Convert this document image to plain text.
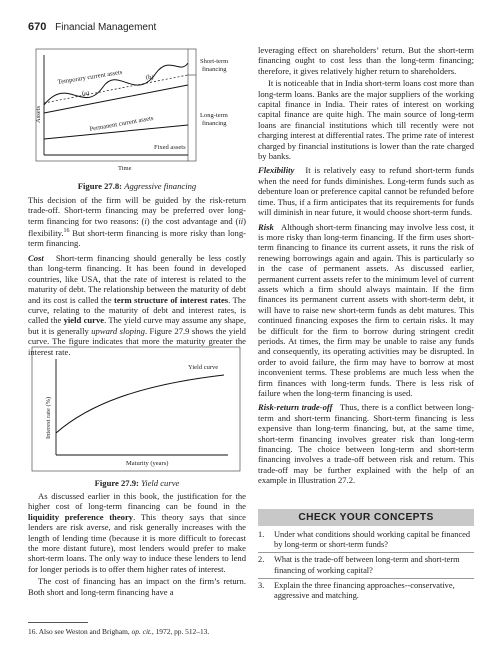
670 Financial Management
Temporary current assets
(a)
(b)
Assets
Permanent current assets
Fixed assets
Time
Short-term
financing
Long-term
financing
Figure 27.8: Aggressive financing

This decision of the firm will be guided by the risk-return trade-off. Short-term financing may be preferred over long-term financing for two reasons: (i) the cost advantage and (ii) flexibility.$^{16}$ But short-term financing is more risky than long-term financing.

Cost Short-term financing should generally be less costly than long-term financing. It has been found in developed countries, like USA, that the rate of interest is related to the maturity of debt. The relationship between the maturity of debt and its cost is called the term structure of interest rates. The curve, relating to the maturity of debt and interest rates, is called the yield curve. The yield curve may assume any shape, but it is generally upward sloping. Figure 27.9 shows the yield curve. The figure indicates that more the maturity greater the interest rate.

Yield curve
Interest rate (%)
Maturity (years)
Figure 27.9: Yield curve

As discussed earlier in this book, the justification for the higher cost of long-term financing can be found in the liquidity preference theory. This theory says that since lenders are risk averse, and risk generally increases with the length of lending time (because it is more difficult to forecast the more distant future), most lenders would prefer to make short-term loans. The only way to induce these lenders to lend for longer periods is to offer them higher rates of interest.

The cost of financing has an impact on the firm’s return. Both short and long-term financing have a

leveraging effect on shareholders’ return. But the short-term financing ought to cost less than the long-term financing; therefore, it gives relatively higher return to shareholders.

It is noticeable that in India short-term loans cost more than long-term loans. Banks are the major suppliers of the working capital finance in India. Their rates of interest on working capital finance are quite high. The main source of long-term loans are financial institutions which till recently were not charging interest at differential rates. The prime rate of interest charged by financial institutions is lower than the rate charged by banks.

Flexibility It is relatively easy to refund short-term funds when the need for funds diminishes. Long-term funds such as debenture loan or preference capital cannot be refunded before time. Thus, if a firm anticipates that its requirements for funds will diminish in near future, it would choose short-term funds.

Risk Although short-term financing may involve less cost, it is more risky than long-term financing. If the firm uses short-term financing to finance its current assets, it runs the risk of renewing borrowings again and again. This is particularly so in the case of permanent assets. As discussed earlier, permanent current assets refer to the minimum level of current assets which a firm should always maintain. If the firm finances its permanent current assets with short-term debt, it will have to raise new short-term funds as debt matures. This continued financing exposes the firm to certain risks. It may be difficult for the firm to borrow during stringent credit periods. At times, the firm may be unable to raise any funds and consequently, its operating activities may be disrupted. In order to avoid failure, the firm may have to borrow at most inconvenient terms. These problems are much less when the firm finances with long-term funds. There is less risk of failure when the long-term financing is used.

Risk-return trade-off Thus, there is a conflict between long-term and short-term financing. Short-term financing is less expensive than long-term financing, but, at the same time, short-term financing involves greater risk than long-term financing. The choice between long-term and short-term financing involves a trade-off between risk and return. This trade-off may be further explained with the help of an example in Illustration 27.2.

CHECK YOUR CONCEPTS
1. Under what conditions should working capital be financed by long-term or short-term funds?
2. What is the trade-off between long-term and short-term financing of working capital?
3. Explain the three financing approaches--conservative, aggressive and matching.
16. Also see Weston and Brigham, op. cit., 1972, pp. 512–13.
